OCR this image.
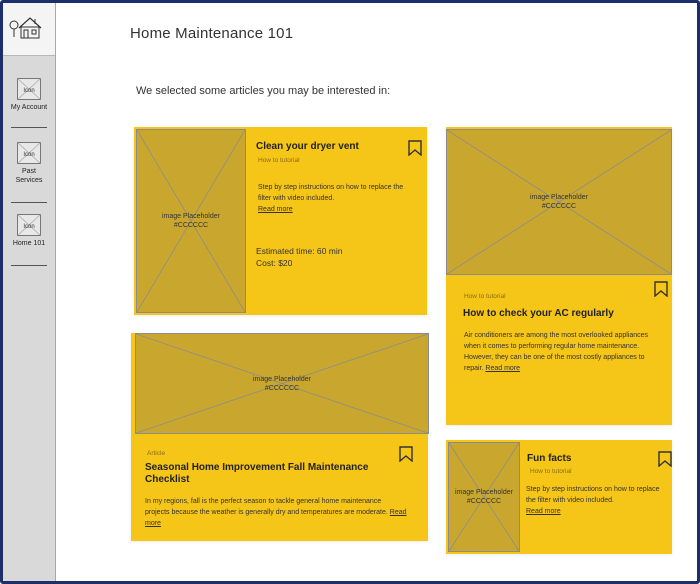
Icon
My Account
Icon
Past Services
Icon
Home 101
Home Maintenance 101
We selected some articles you may be interested in:
image Placeholder
#CCCCCC
Clean your dryer vent
How to tutorial
Step by step instructions on how to replace the filter with video included.
Read more
Estimated time: 60 min
Cost: $20
image Placeholder
#CCCCCC
How to tutorial
How to check your AC regularly
Air conditioners are among the most overlooked appliances when it comes to performing regular home maintenance. However, they can be one of the most costly appliances to repair. Read more
image Placeholder
#CCCCCC
Article
Seasonal Home Improvement Fall Maintenance Checklist
In my regions, fall is the perfect season to tackle general home maintenance projects because the weather is generally dry and temperatures are moderate. Read more
image Placeholder
#CCCCCC
Fun facts
How to tutorial
Step by step instructions on how to replace the filter with video included.
Read more
